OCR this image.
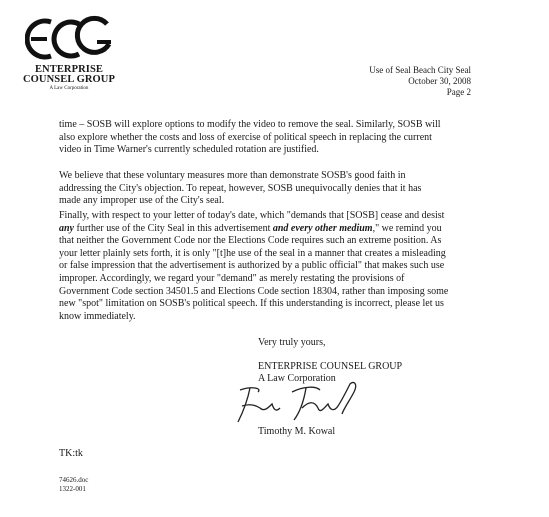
ENTERPRISE
COUNSEL GROUP
A Law Corporation
Use of Seal Beach City Seal
October 30, 2008
Page 2
time – SOSB will explore options to modify the video to remove the seal. Similarly, SOSB will
also explore whether the costs and loss of exercise of political speech in replacing the current
video in Time Warner's currently scheduled rotation are justified.
We believe that these voluntary measures more than demonstrate SOSB's good faith in
addressing the City's objection. To repeat, however, SOSB unequivocally denies that it has
made any improper use of the City's seal.
Finally, with respect to your letter of today's date, which "demands that [SOSB] cease and desist
any further use of the City Seal in this advertisement and every other medium," we remind you
that neither the Government Code nor the Elections Code requires such an extreme position. As
your letter plainly sets forth, it is only "[t]he use of the seal in a manner that creates a misleading
or false impression that the advertisement is authorized by a public official" that makes such use
improper. Accordingly, we regard your "demand" as merely restating the provisions of
Government Code section 34501.5 and Elections Code section 18304, rather than imposing some
new "spot" limitation on SOSB's political speech. If this understanding is incorrect, please let us
know immediately.
Very truly yours,
ENTERPRISE COUNSEL GROUP
A Law Corporation
Timothy M. Kowal
TK:tk
74626.doc
1322-001
